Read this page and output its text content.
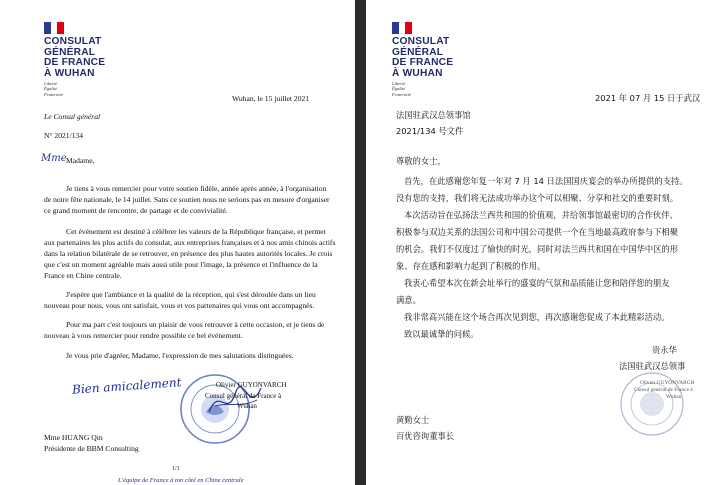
CONSULAT
GÉNÉRAL
DE FRANCE
À WUHAN
Liberté
Égalité
Fraternité	Wuhan, le 15 juillet 2021
Le Consul général
N° 2021/134
Mme Madame,
Je tiens à vous remercier pour votre soutien fidèle, année après année, à l'organisation
de notre fête nationale, le 14 juillet. Sans ce soutien nous ne serions pas en mesure d'organiser
ce grand moment de rencontre, de partage et de convivialité.
Cet événement est destiné à célébrer les valeurs de la République française, et permet
aux partenaires les plus actifs du consulat, aux entreprises françaises et à nos amis chinois actifs
dans la relation bilatérale de se retrouver, en présence des plus hautes autorités locales. Je crois
que c'est un moment agréable mais aussi utile pour l'image, la présence et l'influence de la
France en Chine centrale.
J'espère que l'ambiance et la qualité de la réception, qui s'est déroulée dans un lieu
nouveau pour nous, vous ont satisfait, vous et vos partenaires qui vous ont accompagnés.
Pour ma part c'est toujours un plaisir de vous retrouver à cette occasion, et je tiens de
nouveau à vous remercier pour rendre possible ce bel événement.
Je vous prie d'agréer, Madame, l'expression de mes salutations distinguées.
Bien amicalement	Olivier GUYONVARCH
Consul général de France à
Wuhan
Mme HUANG Qin
Présidente de BBM Consulting
1/1
L'équipe de France à ton côté en Chine centrale
CONSULAT
GÉNÉRAL
DE FRANCE
À WUHAN
Liberté
Égalité
Fraternité	2021 年 07 月 15 日于武汉
法国驻武汉总领事馆
2021/134 号文件
尊敬的女士，
首先，在此感谢您年复一年对 7 月 14 日法国国庆宴会的举办所提供的支持。
没有您的支持，我们将无法成功举办这个可以相聚、分享和社交的重要时刻。
本次活动旨在弘扬法兰西共和国的价值观，并给领事馆最密切的合作伙伴、
积极参与双边关系的法国公司和中国公司提供一个在当地最高政府参与下相聚
的机会。我们不仅度过了愉快的时光，同时对法兰西共和国在中国华中区的形
象、存在感和影响力起到了积极的作用。
我衷心希望本次在新会址举行的盛宴的气氛和品质能让您和陪伴您的朋友
满意。
我非常高兴能在这个场合再次见到您，再次感谢您促成了本此精彩活动。
致以最诚挚的问候。
贵永华
法国驻武汉总领事
Olivier GUYONVARCH
Consul général de France à
Wuhan
黄勤女士
百优咨询董事长
